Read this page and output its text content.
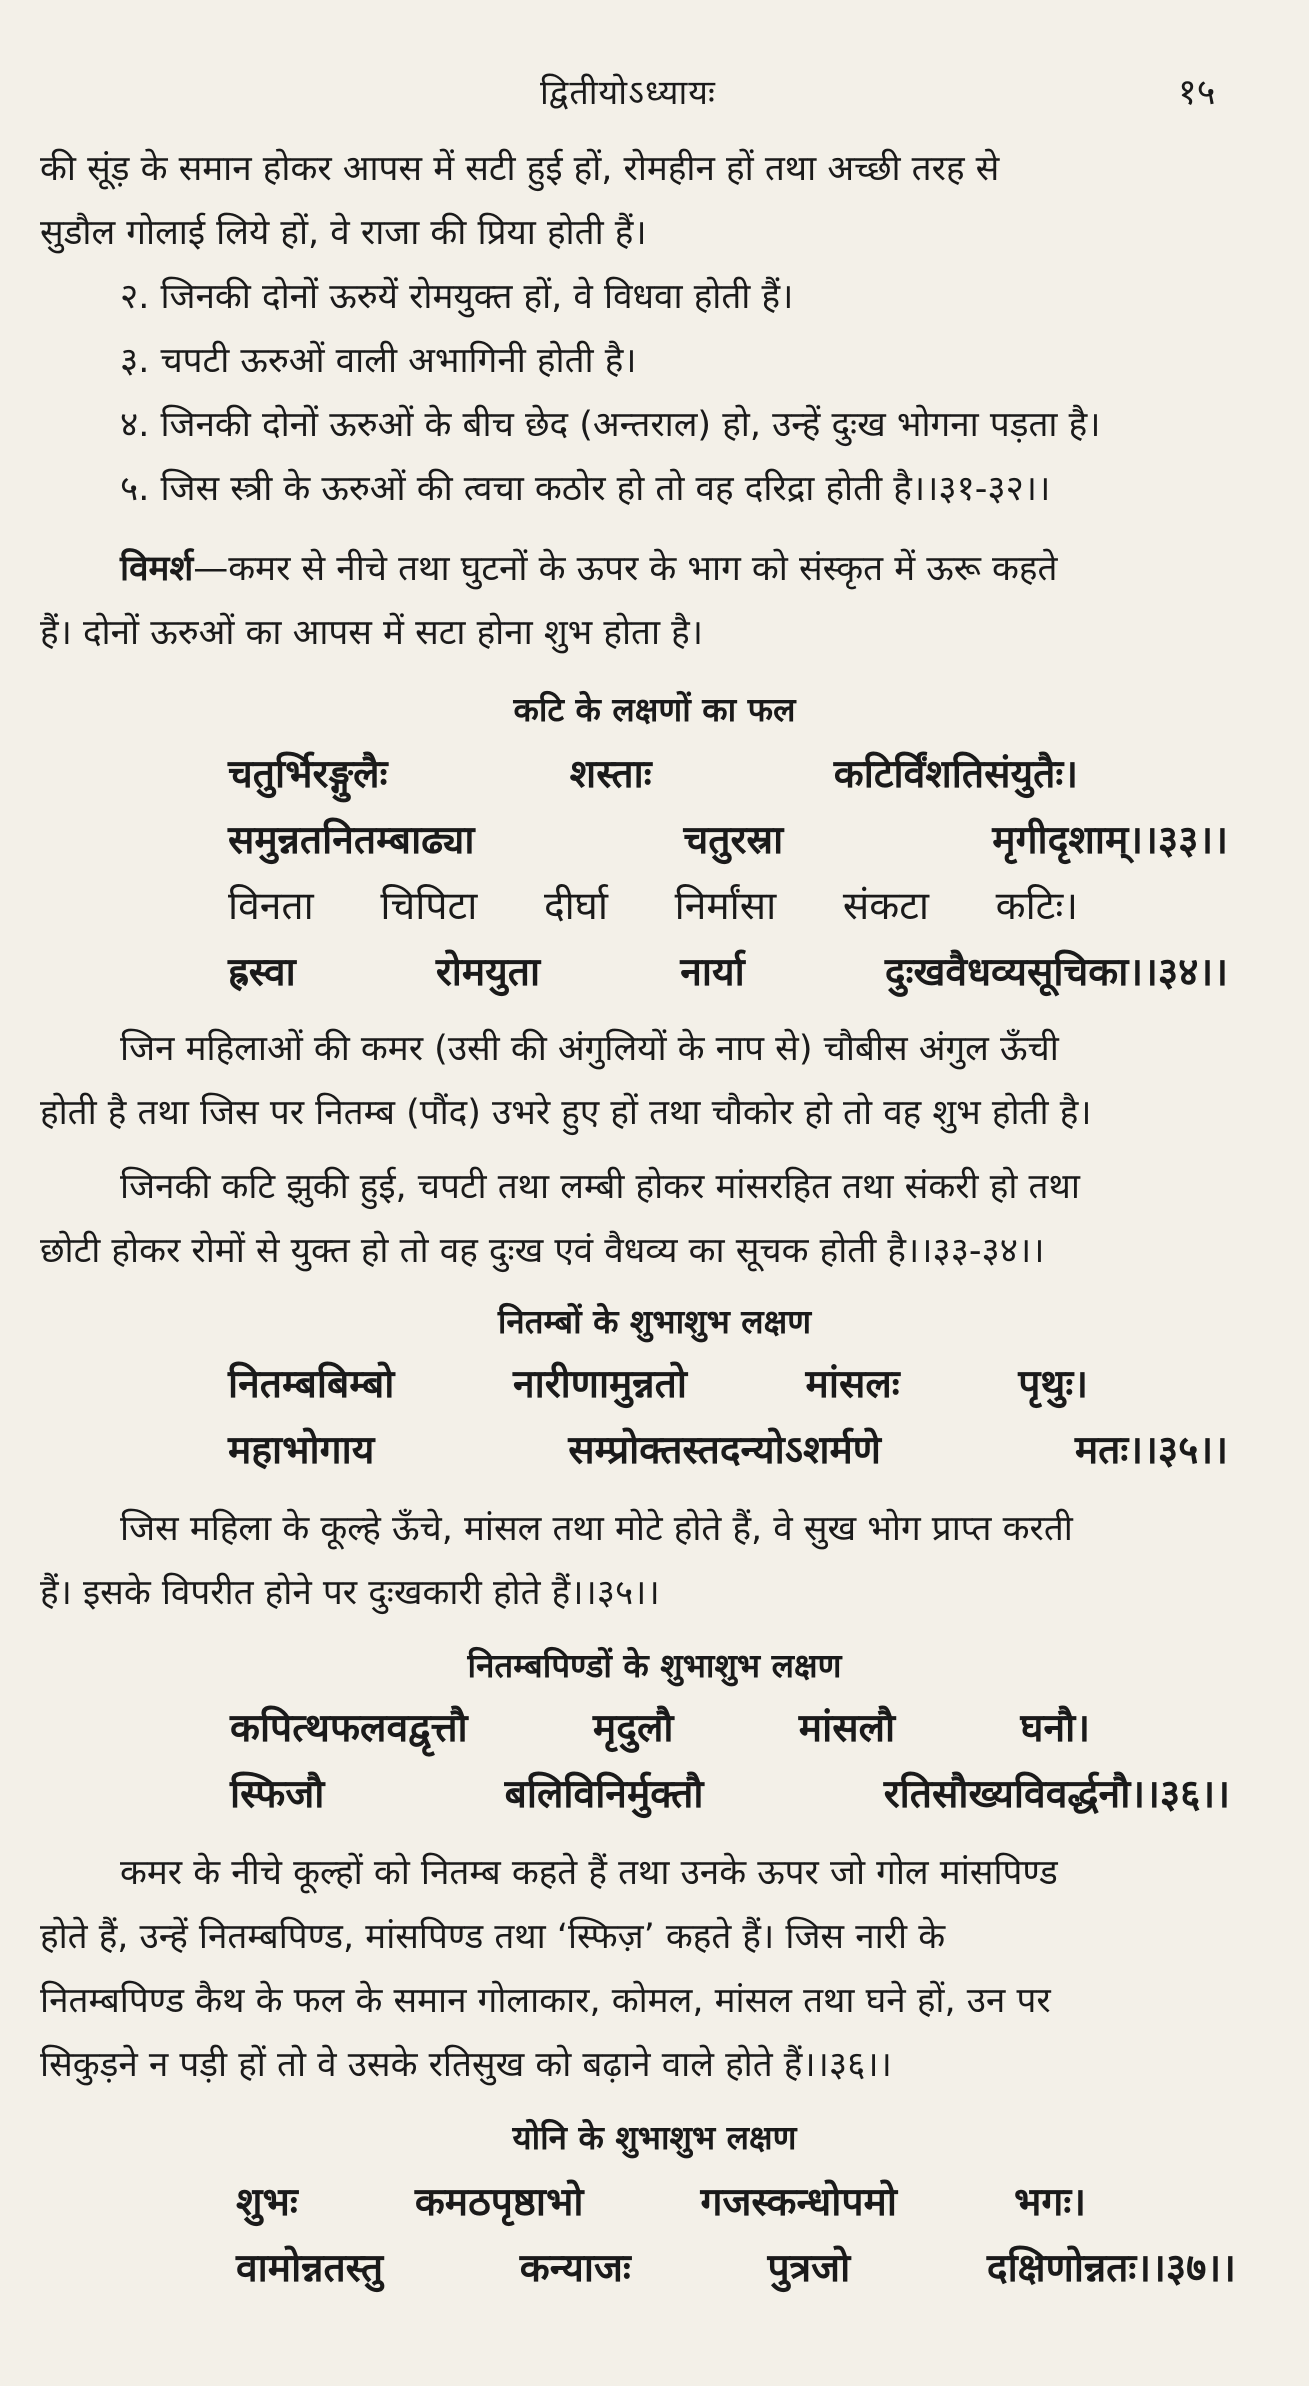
द्वितीयोऽध्यायः	१५
की सूंड़ के समान होकर आपस में सटी हुई हों, रोमहीन हों तथा अच्छी तरह से
सुडौल गोलाई लिये हों, वे राजा की प्रिया होती हैं।
२. जिनकी दोनों ऊरुयें रोमयुक्त हों, वे विधवा होती हैं।
३. चपटी ऊरुओं वाली अभागिनी होती है।
४. जिनकी दोनों ऊरुओं के बीच छेद (अन्तराल) हो, उन्हें दुःख भोगना पड़ता है।
५. जिस स्त्री के ऊरुओं की त्वचा कठोर हो तो वह दरिद्रा होती है।।३१-३२।।
विमर्श—कमर से नीचे तथा घुटनों के ऊपर के भाग को संस्कृत में ऊरू कहते
हैं। दोनों ऊरुओं का आपस में सटा होना शुभ होता है।
कटि के लक्षणों का फल
चतुर्भिरङ्गुलैः	शस्ताः	कटिर्विंशतिसंयुतैः।
समुन्नतनितम्बाढ्या	चतुरस्रा	मृगीदृशाम्।।३३।।
विनता चिपिटा दीर्घा निर्मांसा संकटा कटिः।
ह्रस्वा	रोमयुता	नार्या	दुःखवैधव्यसूचिका।।३४।।
जिन महिलाओं की कमर (उसी की अंगुलियों के नाप से) चौबीस अंगुल ऊँची
होती है तथा जिस पर नितम्ब (पौंद) उभरे हुए हों तथा चौकोर हो तो वह शुभ होती है।
जिनकी कटि झुकी हुई, चपटी तथा लम्बी होकर मांसरहित तथा संकरी हो तथा
छोटी होकर रोमों से युक्त हो तो वह दुःख एवं वैधव्य का सूचक होती है।।३३-३४।।
नितम्बों के शुभाशुभ लक्षण
नितम्बबिम्बो	नारीणामुन्नतो	मांसलः	पृथुः।
महाभोगाय	सम्प्रोक्तस्तदन्योऽशर्मणे	मतः।।३५।।
जिस महिला के कूल्हे ऊँचे, मांसल तथा मोटे होते हैं, वे सुख भोग प्राप्त करती
हैं। इसके विपरीत होने पर दुःखकारी होते हैं।।३५।।
नितम्बपिण्डों के शुभाशुभ लक्षण
कपित्थफलवद्वृत्तौ	मृदुलौ	मांसलौ	घनौ।
स्फिजौ	बलिविनिर्मुक्तौ	रतिसौख्यविवर्द्धनौ।।३६।।
कमर के नीचे कूल्हों को नितम्ब कहते हैं तथा उनके ऊपर जो गोल मांसपिण्ड
होते हैं, उन्हें नितम्बपिण्ड, मांसपिण्ड तथा ‘स्फिज़’ कहते हैं। जिस नारी के
नितम्बपिण्ड कैथ के फल के समान गोलाकार, कोमल, मांसल तथा घने हों, उन पर
सिकुड़ने न पड़ी हों तो वे उसके रतिसुख को बढ़ाने वाले होते हैं।।३६।।
योनि के शुभाशुभ लक्षण
शुभः	कमठपृष्ठाभो	गजस्कन्धोपमो	भगः।
वामोन्नतस्तु	कन्याजः	पुत्रजो	दक्षिणोन्नतः।।३७।।
